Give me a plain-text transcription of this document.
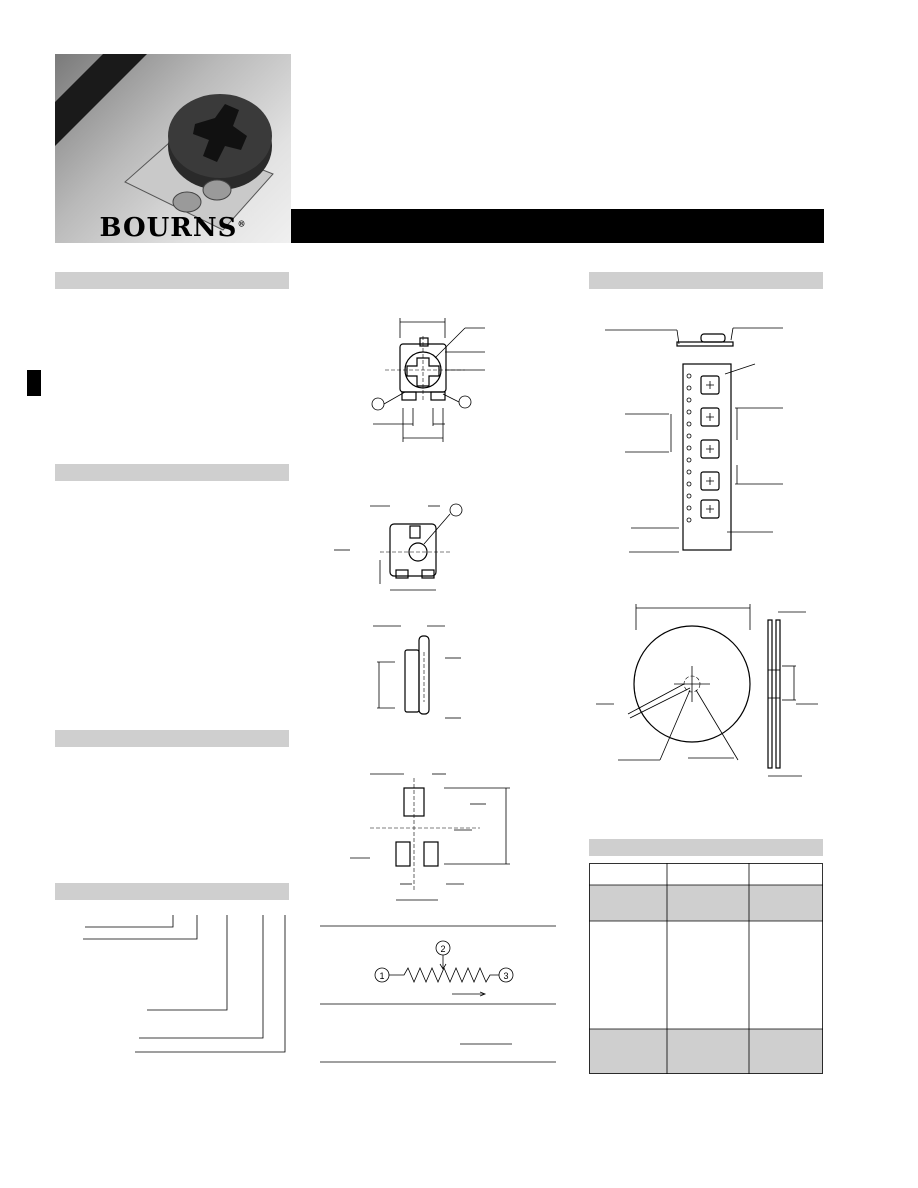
BOURNS®
1
2
3
